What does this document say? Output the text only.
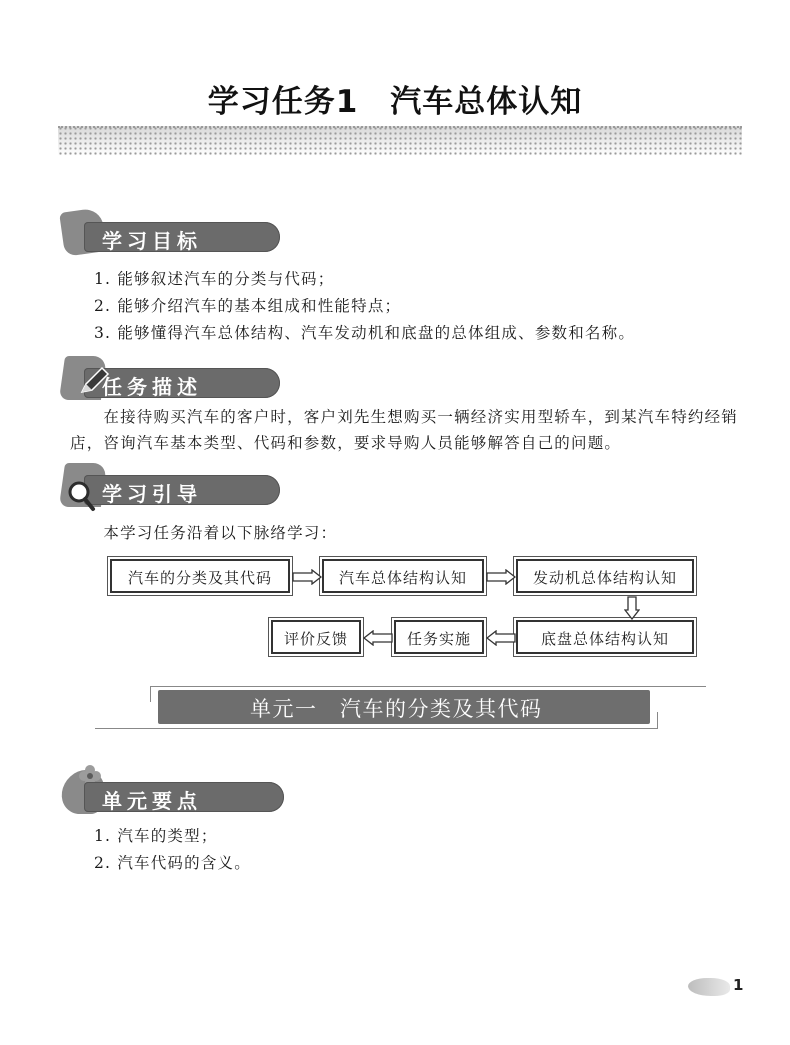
学习任务1　汽车总体认知
学习目标
1. 能够叙述汽车的分类与代码；
2. 能够介绍汽车的基本组成和性能特点；
3. 能够懂得汽车总体结构、汽车发动机和底盘的总体组成、参数和名称。
任务描述
　　在接待购买汽车的客户时，客户刘先生想购买一辆经济实用型轿车，到某汽车特约经销
店，咨询汽车基本类型、代码和参数，要求导购人员能够解答自己的问题。
学习引导
　　本学习任务沿着以下脉络学习：
汽车的分类及其代码	汽车总体结构认知	发动机总体结构认知
底盘总体结构认知
任务实施
评价反馈
单元一　汽车的分类及其代码
单元要点
1. 汽车的类型；
2. 汽车代码的含义。
1
